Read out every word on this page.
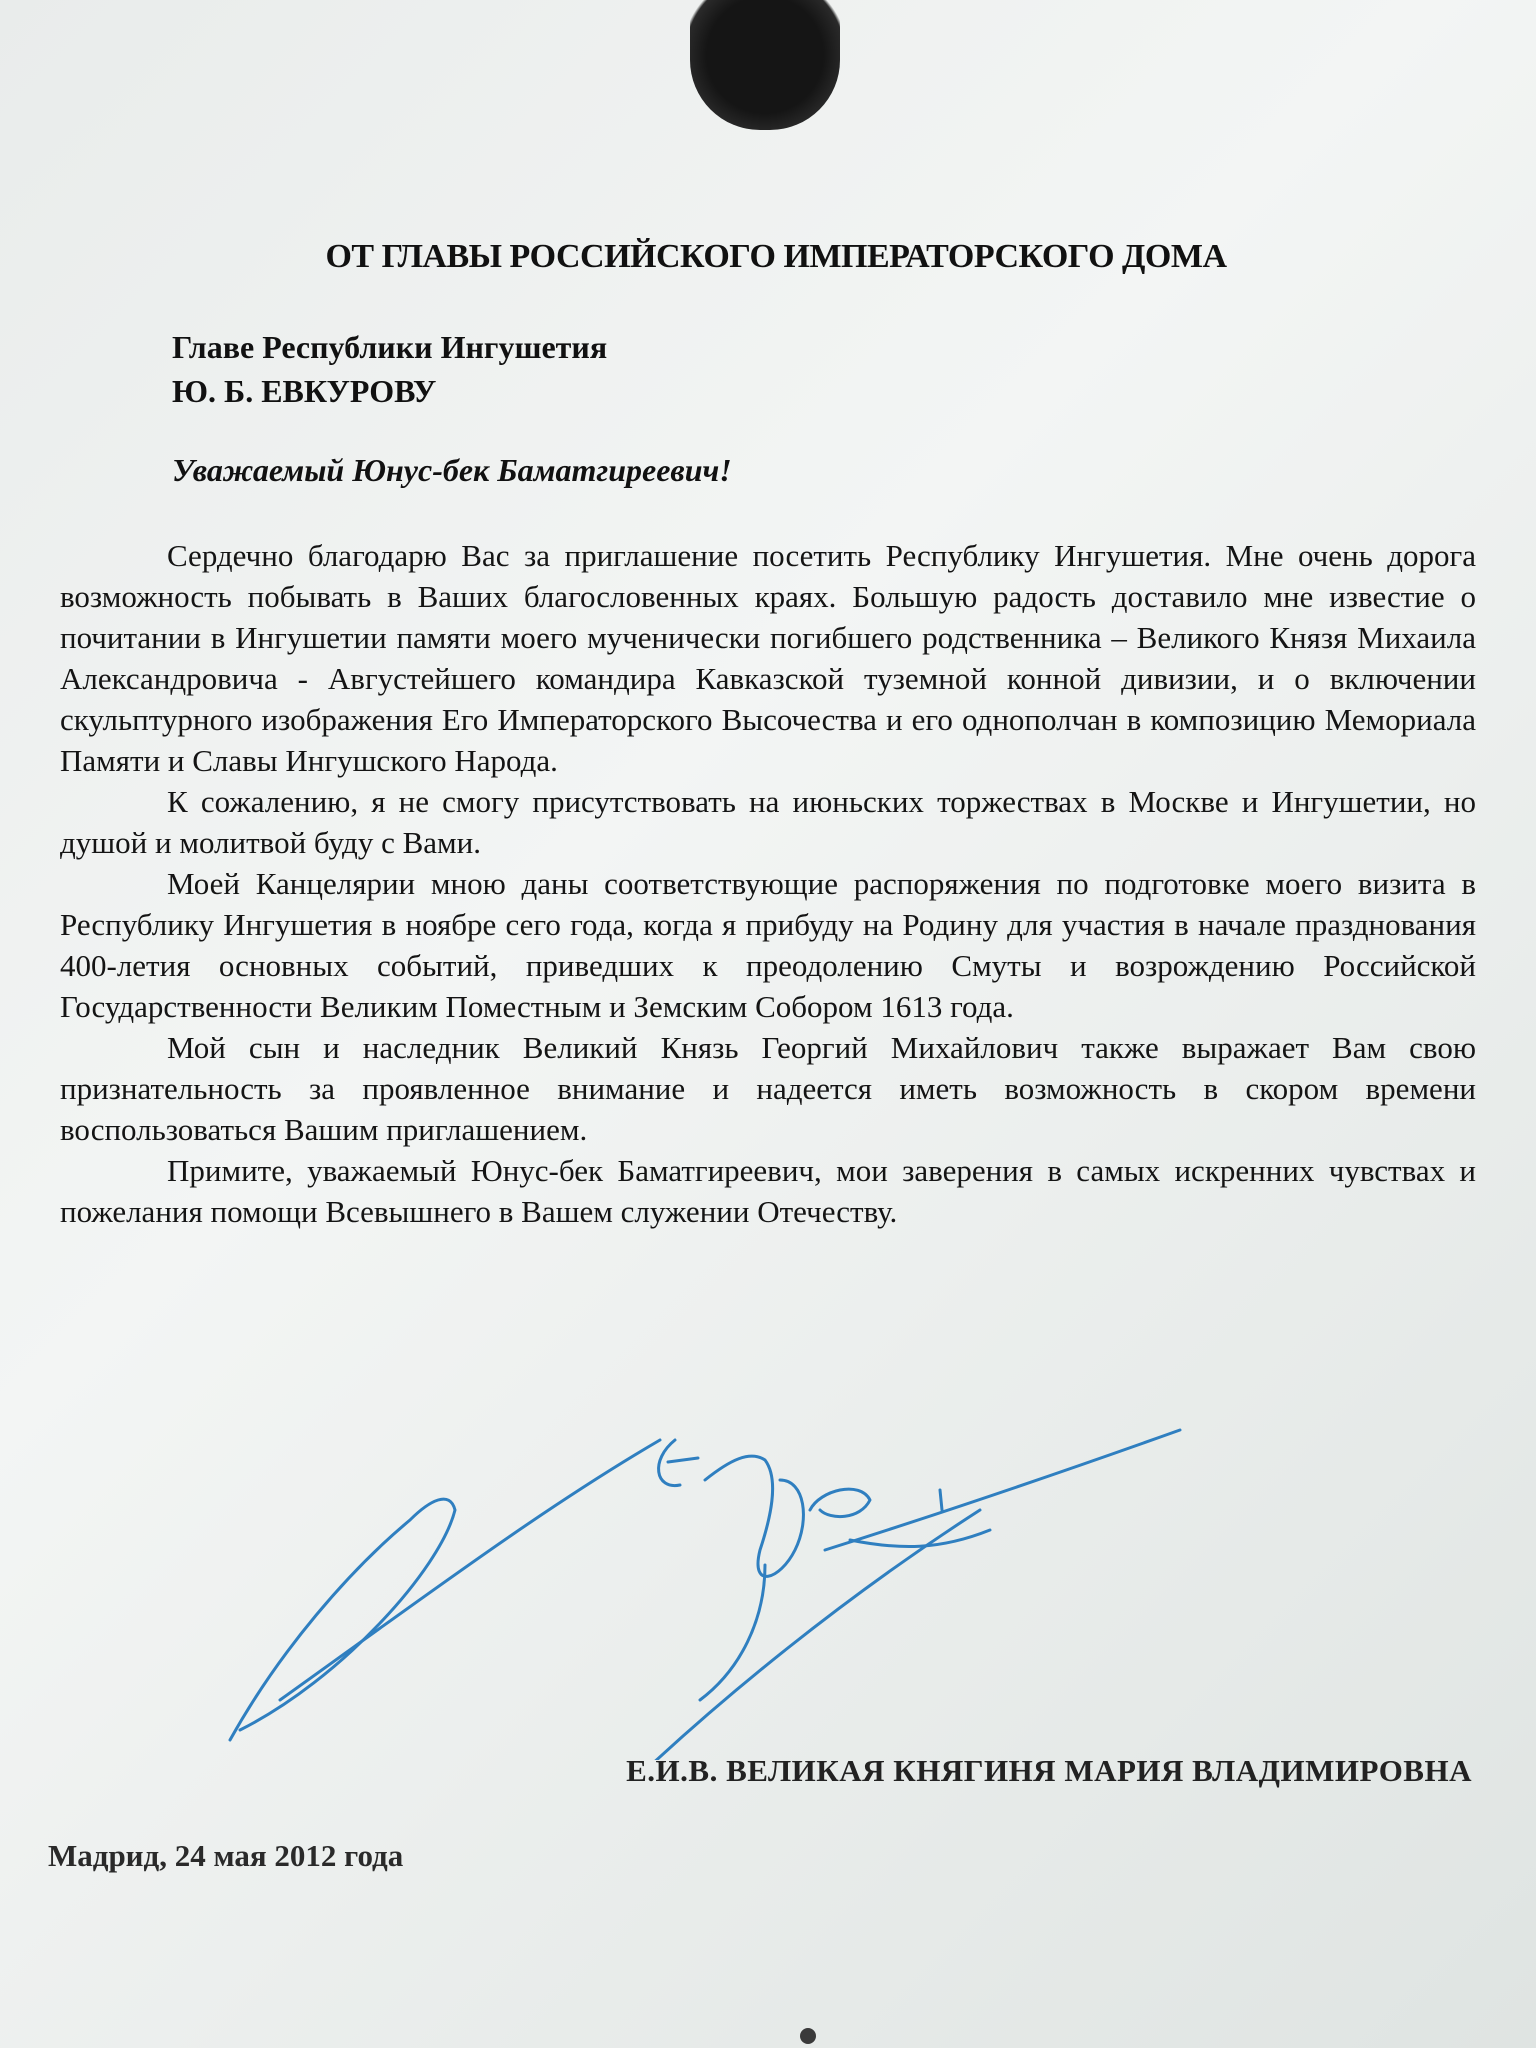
ОТ ГЛАВЫ РОССИЙСКОГО ИМПЕРАТОРСКОГО ДОМА
Главе Республики Ингушетия
Ю. Б. ЕВКУРОВУ
Уважаемый Юнус-бек Баматгиреевич!

Сердечно благодарю Вас за приглашение посетить Республику Ингушетия. Мне очень дорога возможность побывать в Ваших благословенных краях. Большую радость доставило мне известие о почитании в Ингушетии памяти моего мученически погибшего родственника – Великого Князя Михаила Александровича - Августейшего командира Кавказской туземной конной дивизии, и о включении скульптурного изображения Его Императорского Высочества и его однополчан в композицию Мемориала Памяти и Славы Ингушского Народа.

К сожалению, я не смогу присутствовать на июньских торжествах в Москве и Ингушетии, но душой и молитвой буду с Вами.

Моей Канцелярии мною даны соответствующие распоряжения по подготовке моего визита в Республику Ингушетия в ноябре сего года, когда я прибуду на Родину для участия в начале празднования 400-летия основных событий, приведших к преодолению Смуты и возрождению Российской Государственности Великим Поместным и Земским Собором 1613 года.

Мой сын и наследник Великий Князь Георгий Михайлович также выражает Вам свою признательность за проявленное внимание и надеется иметь возможность в скором времени воспользоваться Вашим приглашением.

Примите, уважаемый Юнус-бек Баматгиреевич, мои заверения в самых искренних чувствах и пожелания помощи Всевышнего в Вашем служении Отечеству.

Е.И.В. ВЕЛИКАЯ КНЯГИНЯ МАРИЯ ВЛАДИМИРОВНА
Мадрид, 24 мая 2012 года
